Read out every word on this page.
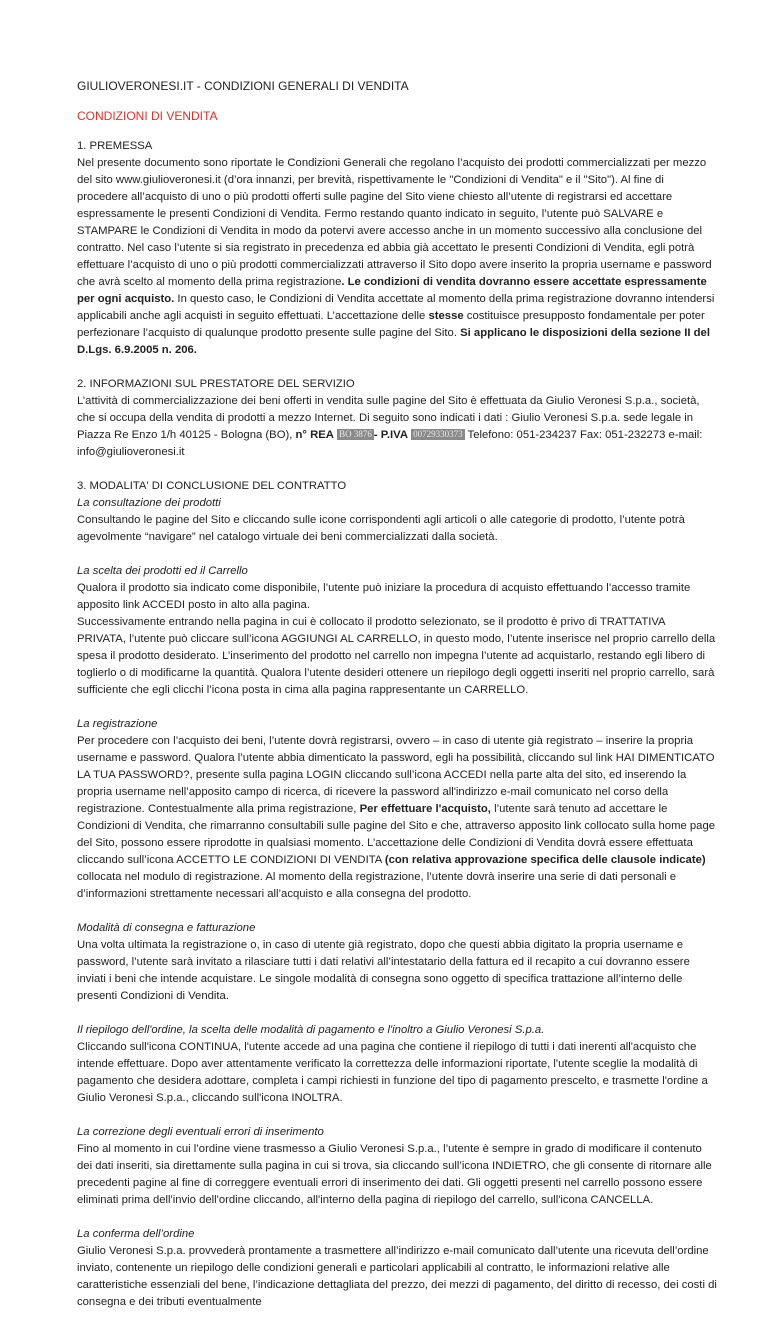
GIULIOVERONESI.IT - CONDIZIONI GENERALI DI VENDITA
CONDIZIONI DI VENDITA
1. PREMESSA

Nel presente documento sono riportate le Condizioni Generali che regolano l’acquisto dei prodotti commercializzati per mezzo del sito www.giulioveronesi.it (d’ora innanzi, per brevità, rispettivamente le "Condizioni di Vendita" e il "Sito"). Al fine di procedere all’acquisto di uno o più prodotti offerti sulle pagine del Sito viene chiesto all’utente di registrarsi ed accettare espressamente le presenti Condizioni di Vendita. Fermo restando quanto indicato in seguito, l’utente può SALVARE e STAMPARE le Condizioni di Vendita in modo da potervi avere accesso anche in un momento successivo alla conclusione del contratto. Nel caso l’utente si sia registrato in precedenza ed abbia già accettato le presenti Condizioni di Vendita, egli potrà effettuare l’acquisto di uno o più prodotti commercializzati attraverso il Sito dopo avere inserito la propria username e password che avrà scelto al momento della prima registrazione. Le condizioni di vendita dovranno essere accettate espressamente per ogni acquisto. In questo caso, le Condizioni di Vendita accettate al momento della prima registrazione dovranno intendersi applicabili anche agli acquisti in seguito effettuati. L’accettazione delle stesse costituisce presupposto fondamentale per poter perfezionare l’acquisto di qualunque prodotto presente sulle pagine del Sito. Si applicano le disposizioni della sezione II del D.Lgs. 6.9.2005 n. 206.

2. INFORMAZIONI SUL PRESTATORE DEL SERVIZIO

L’attività di commercializzazione dei beni offerti in vendita sulle pagine del Sito è effettuata da Giulio Veronesi S.p.a., società, che si occupa della vendita di prodotti a mezzo Internet. Di seguito sono indicati i dati : Giulio Veronesi S.p.a. sede legale in Piazza Re Enzo 1/h 40125 - Bologna (BO), n° REA BO 3876 - P.IVA 00729330373 Telefono: 051-234237 Fax: 051-232273 e-mail: info@giulioveronesi.it

3. MODALITA' DI CONCLUSIONE DEL CONTRATTO
La consultazione dei prodotti

Consultando le pagine del Sito e cliccando sulle icone corrispondenti agli articoli o alle categorie di prodotto, l’utente potrà agevolmente “navigare” nel catalogo virtuale dei beni commercializzati dalla società.

La scelta dei prodotti ed il Carrello

Qualora il prodotto sia indicato come disponibile, l’utente può iniziare la procedura di acquisto effettuando l’accesso tramite apposito link ACCEDI posto in alto alla pagina.

Successivamente entrando nella pagina in cui è collocato il prodotto selezionato, se il prodotto è privo di TRATTATIVA PRIVATA, l’utente può cliccare sull’icona AGGIUNGI AL CARRELLO, in questo modo, l’utente inserisce nel proprio carrello della spesa il prodotto desiderato. L’inserimento del prodotto nel carrello non impegna l’utente ad acquistarlo, restando egli libero di toglierlo o di modificarne la quantità. Qualora l’utente desideri ottenere un riepilogo degli oggetti inseriti nel proprio carrello, sarà sufficiente che egli clicchi l’icona posta in cima alla pagina rappresentante un CARRELLO.

La registrazione

Per procedere con l’acquisto dei beni, l’utente dovrà registrarsi, ovvero – in caso di utente già registrato – inserire la propria username e password. Qualora l’utente abbia dimenticato la password, egli ha possibilità, cliccando sul link HAI DIMENTICATO LA TUA PASSWORD?, presente sulla pagina LOGIN cliccando sull’icona ACCEDI nella parte alta del sito, ed inserendo la propria username nell’apposito campo di ricerca, di ricevere la password all'indirizzo e-mail comunicato nel corso della registrazione. Contestualmente alla prima registrazione, Per effettuare l'acquisto, l’utente sarà tenuto ad accettare le Condizioni di Vendita, che rimarranno consultabili sulle pagine del Sito e che, attraverso apposito link collocato sulla home page del Sito, possono essere riprodotte in qualsiasi momento. L’accettazione delle Condizioni di Vendita dovrà essere effettuata cliccando sull’icona ACCETTO LE CONDIZIONI DI VENDITA (con relativa approvazione specifica delle clausole indicate) collocata nel modulo di registrazione. Al momento della registrazione, l’utente dovrà inserire una serie di dati personali e d’informazioni strettamente necessari all’acquisto e alla consegna del prodotto.

Modalità di consegna e fatturazione

Una volta ultimata la registrazione o, in caso di utente già registrato, dopo che questi abbia digitato la propria username e password, l’utente sarà invitato a rilasciare tutti i dati relativi all’intestatario della fattura ed il recapito a cui dovranno essere inviati i beni che intende acquistare. Le singole modalità di consegna sono oggetto di specifica trattazione all’interno delle presenti Condizioni di Vendita.

Il riepilogo dell'ordine, la scelta delle modalità di pagamento e l'inoltro a Giulio Veronesi S.p.a.

Cliccando sull'icona CONTINUA, l'utente accede ad una pagina che contiene il riepilogo di tutti i dati inerenti all'acquisto che intende effettuare. Dopo aver attentamente verificato la correttezza delle informazioni riportate, l'utente sceglie la modalità di pagamento che desidera adottare, completa i campi richiesti in funzione del tipo di pagamento prescelto, e trasmette l'ordine a Giulio Veronesi S.p.a., cliccando sull'icona INOLTRA.

La correzione degli eventuali errori di inserimento

Fino al momento in cui l’ordine viene trasmesso a Giulio Veronesi S.p.a., l’utente è sempre in grado di modificare il contenuto dei dati inseriti, sia direttamente sulla pagina in cui si trova, sia cliccando sull’icona INDIETRO, che gli consente di ritornare alle precedenti pagine al fine di correggere eventuali errori di inserimento dei dati. Gli oggetti presenti nel carrello possono essere eliminati prima dell'invio dell'ordine cliccando, all'interno della pagina di riepilogo del carrello, sull'icona CANCELLA.

La conferma dell’ordine

Giulio Veronesi S.p.a. provvederà prontamente a trasmettere all’indirizzo e-mail comunicato dall’utente una ricevuta dell’ordine inviato, contenente un riepilogo delle condizioni generali e particolari applicabili al contratto, le informazioni relative alle caratteristiche essenziali del bene, l’indicazione dettagliata del prezzo, dei mezzi di pagamento, del diritto di recesso, dei costi di consegna e dei tributi eventualmente
